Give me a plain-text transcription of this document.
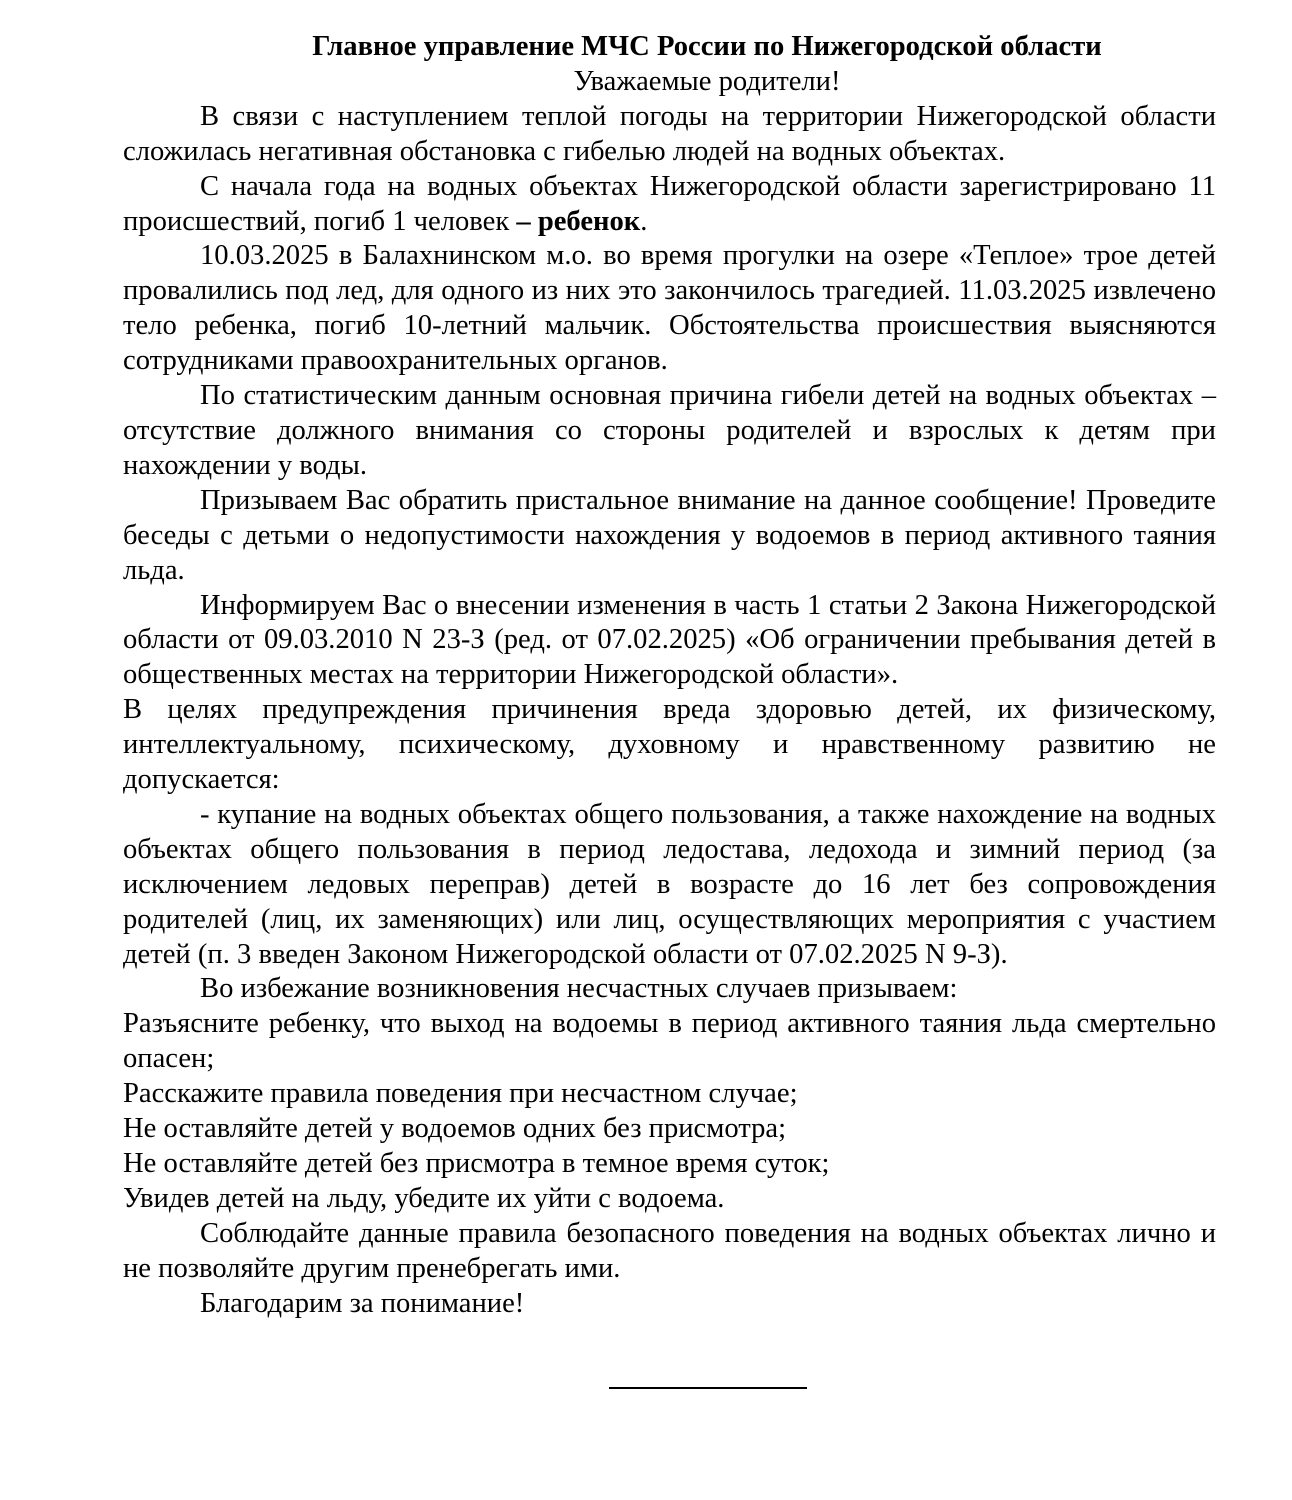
Главное управление МЧС России по Нижегородской области

Уважаемые родители!

В связи с наступлением теплой погоды на территории Нижегородской области сложилась негативная обстановка с гибелью людей на водных объектах.

С начала года на водных объектах Нижегородской области зарегистрировано 11 происшествий, погиб 1 человек – ребенок.

10.03.2025 в Балахнинском м.о. во время прогулки на озере «Теплое» трое детей провалились под лед, для одного из них это закончилось трагедией. 11.03.2025 извлечено тело ребенка, погиб 10-летний мальчик. Обстоятельства происшествия выясняются сотрудниками правоохранительных органов.

По статистическим данным основная причина гибели детей на водных объектах – отсутствие должного внимания со стороны родителей и взрослых к детям при нахождении у воды.

Призываем Вас обратить пристальное внимание на данное сообщение! Проведите беседы с детьми о недопустимости нахождения у водоемов в период активного таяния льда.

Информируем Вас о внесении изменения в часть 1 статьи 2 Закона Нижегородской области от 09.03.2010 N 23-З (ред. от 07.02.2025) «Об ограничении пребывания детей в общественных местах на территории Нижегородской области».

В целях предупреждения причинения вреда здоровью детей, их физическому, интеллектуальному, психическому, духовному и нравственному развитию не допускается:

- купание на водных объектах общего пользования, а также нахождение на водных объектах общего пользования в период ледостава, ледохода и зимний период (за исключением ледовых переправ) детей в возрасте до 16 лет без сопровождения родителей (лиц, их заменяющих) или лиц, осуществляющих мероприятия с участием детей (п. 3 введен Законом Нижегородской области от 07.02.2025 N 9-З).

Во избежание возникновения несчастных случаев призываем:

Разъясните ребенку, что выход на водоемы в период активного таяния льда смертельно опасен;

Расскажите правила поведения при несчастном случае;

Не оставляйте детей у водоемов одних без присмотра;

Не оставляйте детей без присмотра в темное время суток;

Увидев детей на льду, убедите их уйти с водоема.

Соблюдайте данные правила безопасного поведения на водных объектах лично и не позволяйте другим пренебрегать ими.

Благодарим за понимание!
